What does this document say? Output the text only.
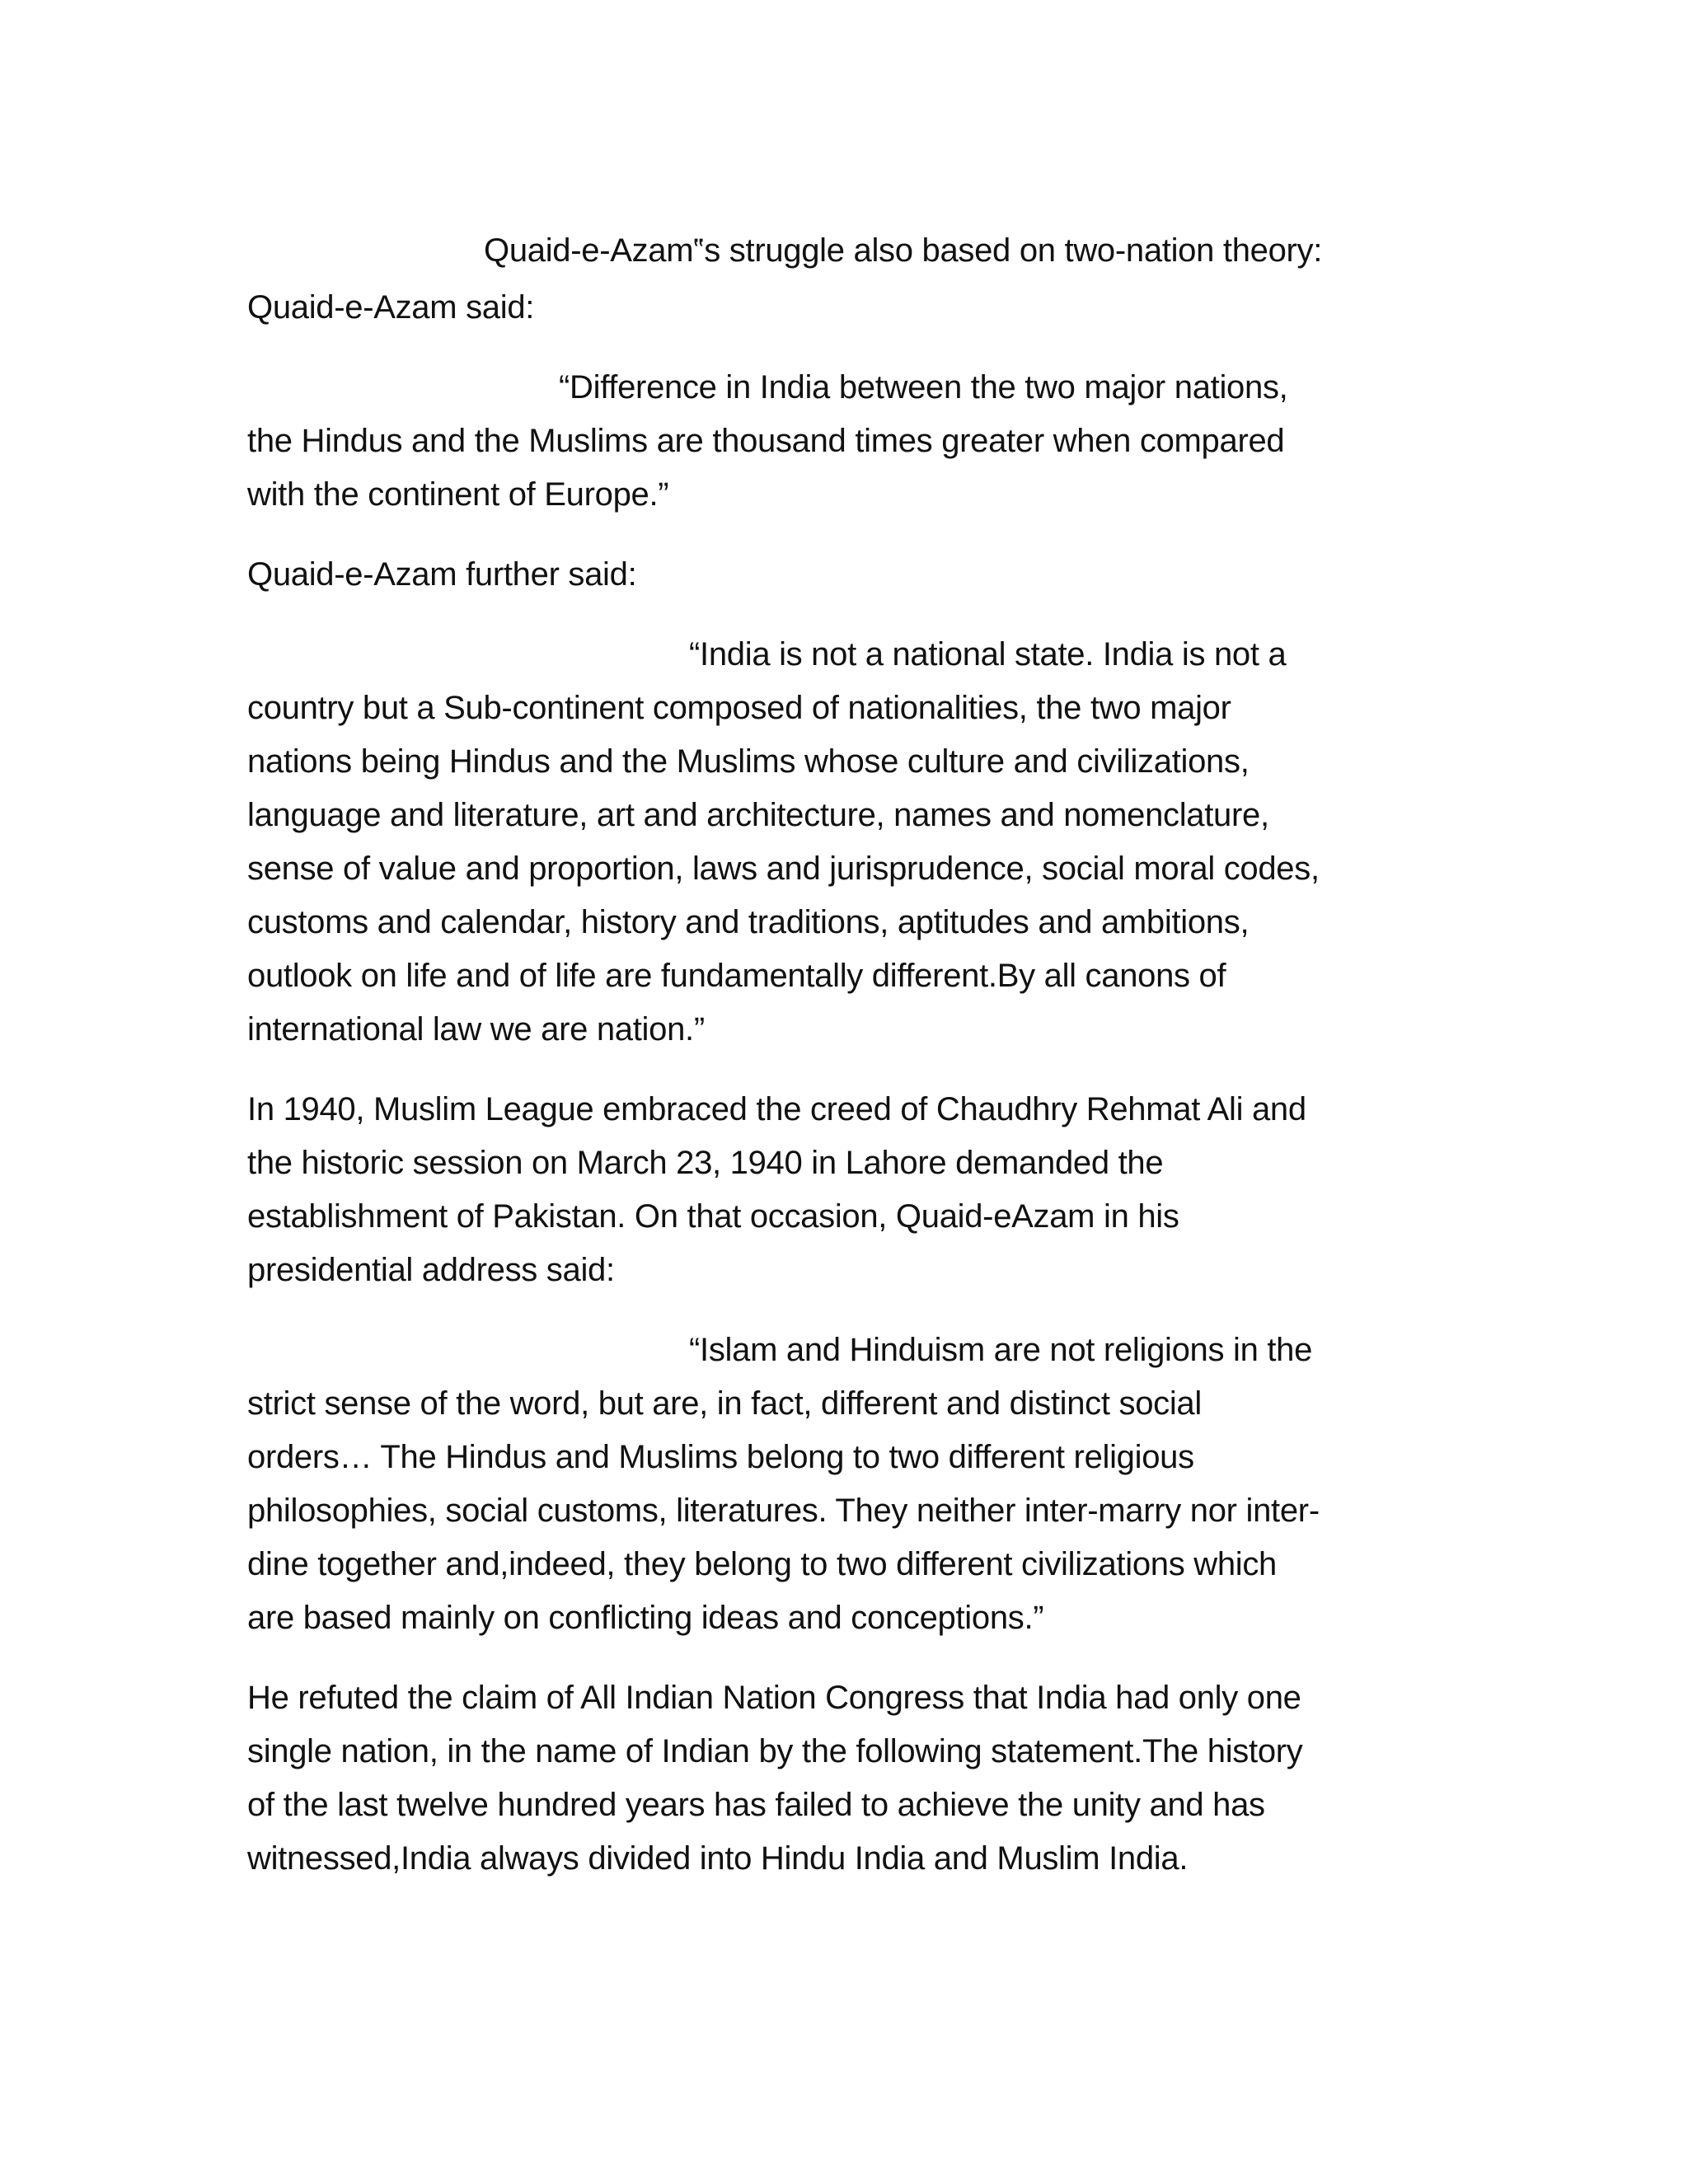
Quaid-e-Azam‟s struggle also based on two-nation theory:

Quaid-e-Azam said:

“Difference in India between the two major nations,
the Hindus and the Muslims are thousand times greater when compared
with the continent of Europe.”

Quaid-e-Azam further said:

“India is not a national state. India is not a
country but a Sub-continent composed of nationalities, the two major
nations being Hindus and the Muslims whose culture and civilizations,
language and literature, art and architecture, names and nomenclature,
sense of value and proportion, laws and jurisprudence, social moral codes,
customs and calendar, history and traditions, aptitudes and ambitions,
outlook on life and of life are fundamentally different.By all canons of
international law we are nation.”

In 1940, Muslim League embraced the creed of Chaudhry Rehmat Ali and
the historic session on March 23, 1940 in Lahore demanded the
establishment of Pakistan. On that occasion, Quaid-eAzam in his
presidential address said:

“Islam and Hinduism are not religions in the
strict sense of the word, but are, in fact, different and distinct social
orders… The Hindus and Muslims belong to two different religious
philosophies, social customs, literatures. They neither inter-marry nor inter-
dine together and,indeed, they belong to two different civilizations which
are based mainly on conflicting ideas and conceptions.”

He refuted the claim of All Indian Nation Congress that India had only one
single nation, in the name of Indian by the following statement.The history
of the last twelve hundred years has failed to achieve the unity and has
witnessed,India always divided into Hindu India and Muslim India.
